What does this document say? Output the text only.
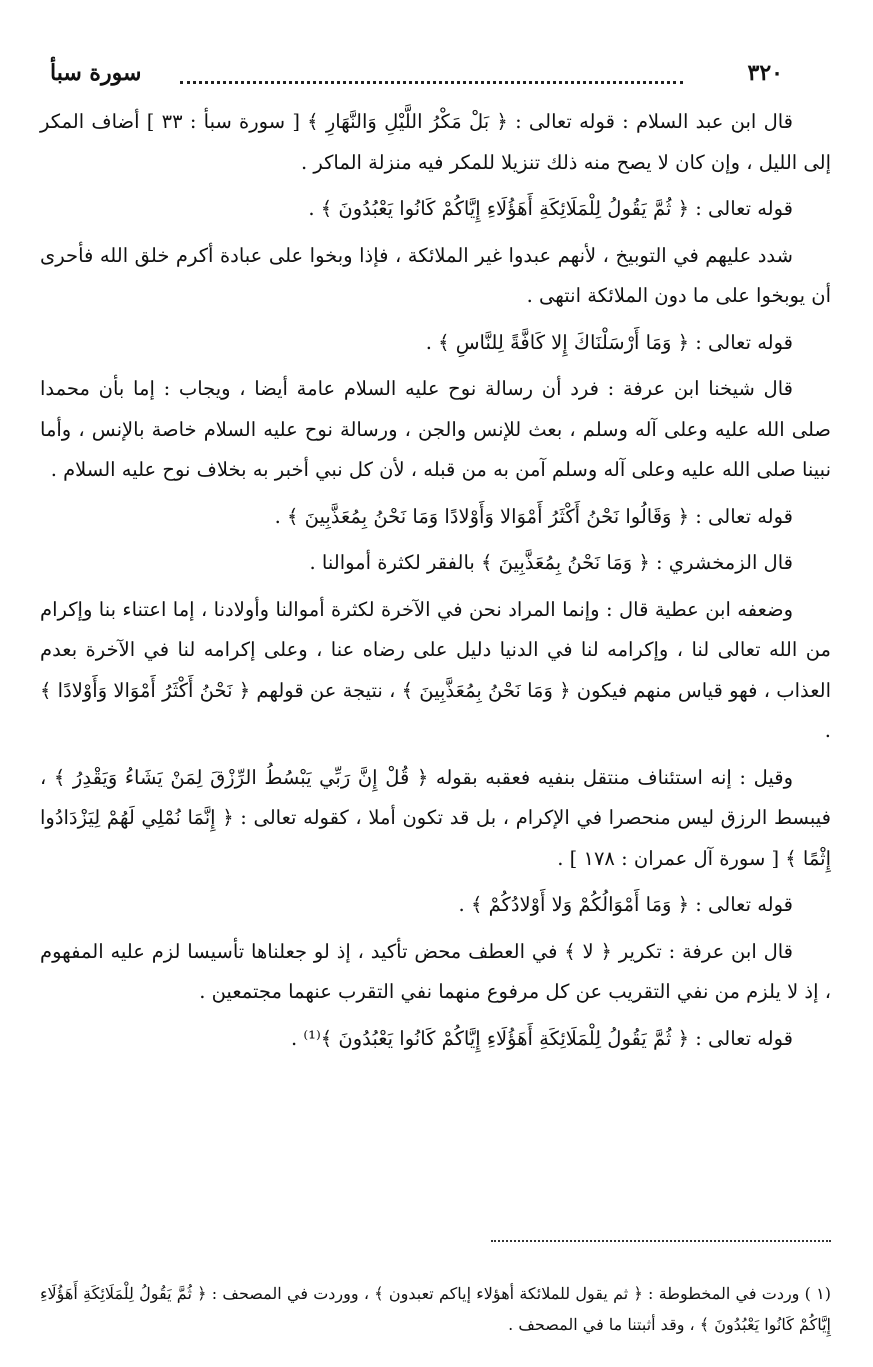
٣٢٠
سورة سبأ

قال ابن عبد السلام : قوله تعالى : ﴿ بَلْ مَكْرُ اللَّيْلِ وَالنَّهَارِ ﴾ [ سورة سبأ : ٣٣ ] أضاف المكر إلى الليل ، وإن كان لا يصح منه ذلك تنزيلا للمكر فيه منزلة الماكر .

قوله تعالى : ﴿ ثُمَّ يَقُولُ لِلْمَلَائِكَةِ أَهَؤُلَاءِ إِيَّاكُمْ كَانُوا يَعْبُدُونَ ﴾ .

شدد عليهم في التوبيخ ، لأنهم عبدوا غير الملائكة ، فإذا وبخوا على عبادة أكرم خلق الله فأحرى أن يوبخوا على ما دون الملائكة انتهى .

قوله تعالى : ﴿ وَمَا أَرْسَلْنَاكَ إِلا كَافَّةً لِلنَّاسِ ﴾ .

قال شيخنا ابن عرفة : فرد أن رسالة نوح عليه السلام عامة أيضا ، ويجاب : إما بأن محمدا صلى الله عليه وعلى آله وسلم ، بعث للإنس والجن ، ورسالة نوح عليه السلام خاصة بالإنس ، وأما نبينا صلى الله عليه وعلى آله وسلم آمن به من قبله ، لأن كل نبي أخبر به بخلاف نوح عليه السلام .

قوله تعالى : ﴿ وَقَالُوا نَحْنُ أَكْثَرُ أَمْوَالا وَأَوْلادًا وَمَا نَحْنُ بِمُعَذَّبِينَ ﴾ .

قال الزمخشري : ﴿ وَمَا نَحْنُ بِمُعَذَّبِينَ ﴾ بالفقر لكثرة أموالنا .

وضعفه ابن عطية قال : وإنما المراد نحن في الآخرة لكثرة أموالنا وأولادنا ، إما اعتناء بنا وإكرام من الله تعالى لنا ، وإكرامه لنا في الدنيا دليل على رضاه عنا ، وعلى إكرامه لنا في الآخرة بعدم العذاب ، فهو قياس منهم فيكون ﴿ وَمَا نَحْنُ بِمُعَذَّبِينَ ﴾ ، نتيجة عن قولهم ﴿ نَحْنُ أَكْثَرُ أَمْوَالا وَأَوْلادًا ﴾ .

وقيل : إنه استئناف منتقل بنفيه فعقبه بقوله ﴿ قُلْ إِنَّ رَبِّي يَبْسُطُ الرِّزْقَ لِمَنْ يَشَاءُ وَيَقْدِرُ ﴾ ، فيبسط الرزق ليس منحصرا في الإكرام ، بل قد تكون أملا ، كقوله تعالى : ﴿ إِنَّمَا نُمْلِي لَهُمْ لِيَزْدَادُوا إِثْمًا ﴾ [ سورة آل عمران : ١٧٨ ] .

قوله تعالى : ﴿ وَمَا أَمْوَالُكُمْ وَلا أَوْلادُكُمْ ﴾ .

قال ابن عرفة : تكرير ﴿ لا ﴾ في العطف محض تأكيد ، إذ لو جعلناها تأسيسا لزم عليه المفهوم ، إذ لا يلزم من نفي التقريب عن كل مرفوع منهما نفي التقرب عنهما مجتمعين .

قوله تعالى : ﴿ ثُمَّ يَقُولُ لِلْمَلَائِكَةِ أَهَؤُلَاءِ إِيَّاكُمْ كَانُوا يَعْبُدُونَ ﴾⁽¹⁾ .

(١ ) وردت في المخطوطة : ﴿ ثم يقول للملائكة أهؤلاء إياكم تعبدون ﴾ ، ووردت في المصحف : ﴿ ثُمَّ يَقُولُ لِلْمَلَائِكَةِ أَهَؤُلَاءِ إِيَّاكُمْ كَانُوا يَعْبُدُونَ ﴾ ، وقد أثبتنا ما في المصحف .
